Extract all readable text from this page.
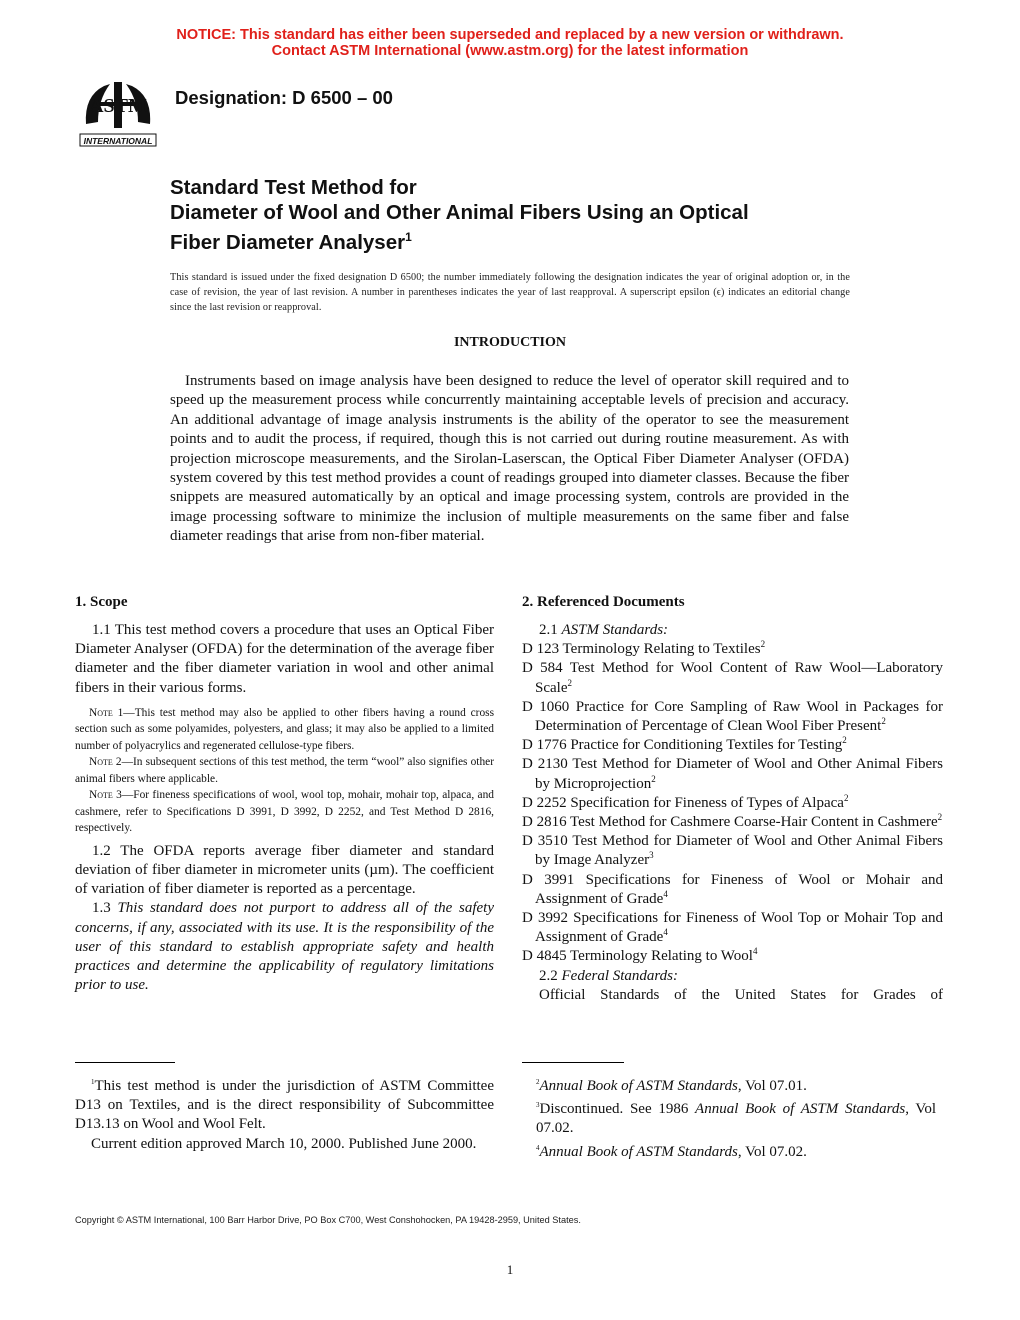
NOTICE: This standard has either been superseded and replaced by a new version or withdrawn.
Contact ASTM International (www.astm.org) for the latest information
ASTM
INTERNATIONAL
Designation: D 6500 – 00
Standard Test Method for
Diameter of Wool and Other Animal Fibers Using an Optical
Fiber Diameter Analyser$^1$
This standard is issued under the fixed designation D 6500; the number immediately following the designation indicates the year of original adoption or, in the case of revision, the year of last revision. A number in parentheses indicates the year of last reapproval. A superscript epsilon (ϵ) indicates an editorial change since the last revision or reapproval.
INTRODUCTION
Instruments based on image analysis have been designed to reduce the level of operator skill required and to speed up the measurement process while concurrently maintaining acceptable levels of precision and accuracy. An additional advantage of image analysis instruments is the ability of the operator to see the measurement points and to audit the process, if required, though this is not carried out during routine measurement. As with projection microscope measurements, and the Sirolan-Laserscan, the Optical Fiber Diameter Analyser (OFDA) system covered by this test method provides a count of readings grouped into diameter classes. Because the fiber snippets are measured automatically by an optical and image processing system, controls are provided in the image processing software to minimize the inclusion of multiple measurements on the same fiber and false diameter readings that arise from non-fiber material.
1. Scope

1.1 This test method covers a procedure that uses an Optical Fiber Diameter Analyser (OFDA) for the determination of the average fiber diameter and the fiber diameter variation in wool and other animal fibers in their various forms.

Note 1—This test method may also be applied to other fibers having a round cross section such as some polyamides, polyesters, and glass; it may also be applied to a limited number of polyacrylics and regenerated cellulose-type fibers.

Note 2—In subsequent sections of this test method, the term “wool” also signifies other animal fibers where applicable.

Note 3—For fineness specifications of wool, wool top, mohair, mohair top, alpaca, and cashmere, refer to Specifications D 3991, D 3992, D 2252, and Test Method D 2816, respectively.

1.2 The OFDA reports average fiber diameter and standard deviation of fiber diameter in micrometer units (µm). The coefficient of variation of fiber diameter is reported as a percentage.

1.3 This standard does not purport to address all of the safety concerns, if any, associated with its use. It is the responsibility of the user of this standard to establish appropriate safety and health practices and determine the applicability of regulatory limitations prior to use.

2. Referenced Documents

2.1 ASTM Standards:

D 123 Terminology Relating to Textiles$^2$

D 584 Test Method for Wool Content of Raw Wool—Laboratory Scale$^2$

D 1060 Practice for Core Sampling of Raw Wool in Packages for Determination of Percentage of Clean Wool Fiber Present$^2$

D 1776 Practice for Conditioning Textiles for Testing$^2$

D 2130 Test Method for Diameter of Wool and Other Animal Fibers by Microprojection$^2$

D 2252 Specification for Fineness of Types of Alpaca$^2$

D 2816 Test Method for Cashmere Coarse-Hair Content in Cashmere$^2$

D 3510 Test Method for Diameter of Wool and Other Animal Fibers by Image Analyzer$^3$

D 3991 Specifications for Fineness of Wool or Mohair and Assignment of Grade$^4$

D 3992 Specifications for Fineness of Wool Top or Mohair Top and Assignment of Grade$^4$

D 4845 Terminology Relating to Wool$^4$

2.2 Federal Standards:

Official Standards of the United States for Grades of

$^1$This test method is under the jurisdiction of ASTM Committee D13 on Textiles, and is the direct responsibility of Subcommittee D13.13 on Wool and Wool Felt.

Current edition approved March 10, 2000. Published June 2000.

$^2$Annual Book of ASTM Standards, Vol 07.01.

$^3$Discontinued. See 1986 Annual Book of ASTM Standards, Vol 07.02.

$^4$Annual Book of ASTM Standards, Vol 07.02.

Copyright © ASTM International, 100 Barr Harbor Drive, PO Box C700, West Conshohocken, PA 19428-2959, United States.
1
